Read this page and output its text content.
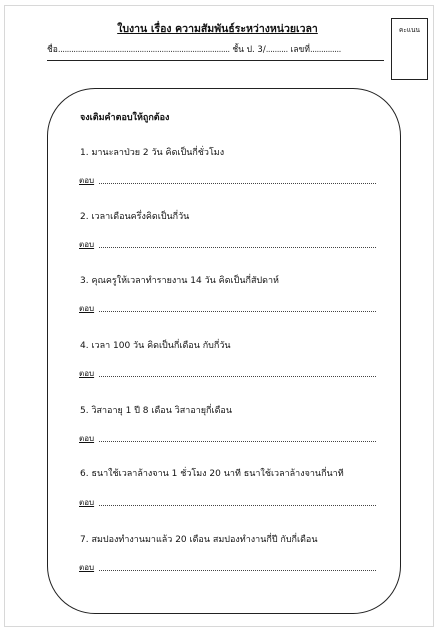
ใบงาน เรื่อง ความสัมพันธ์ระหว่างหน่วยเวลา
ชื่อ.............................................................................. ชั้น ป. 3/.......... เลขที่..............
คะแนน
จงเติมคำตอบให้ถูกต้อง
1. มานะลาป่วย 2 วัน คิดเป็นกี่ชั่วโมง
ตอบ
2. เวลาเดือนครึ่งคิดเป็นกี่วัน
ตอบ
3. คุณครูให้เวลาทำรายงาน 14 วัน คิดเป็นกี่สัปดาห์
ตอบ
4. เวลา 100 วัน คิดเป็นกี่เดือน กับกี่วัน
ตอบ
5. วิสาอายุ 1 ปี 8 เดือน วิสาอายุกี่เดือน
ตอบ
6. ธนาใช้เวลาล้างจาน 1 ชั่วโมง 20 นาที ธนาใช้เวลาล้างจานกี่นาที
ตอบ
7. สมปองทำงานมาแล้ว 20 เดือน สมปองทำงานกี่ปี กับกี่เดือน
ตอบ
